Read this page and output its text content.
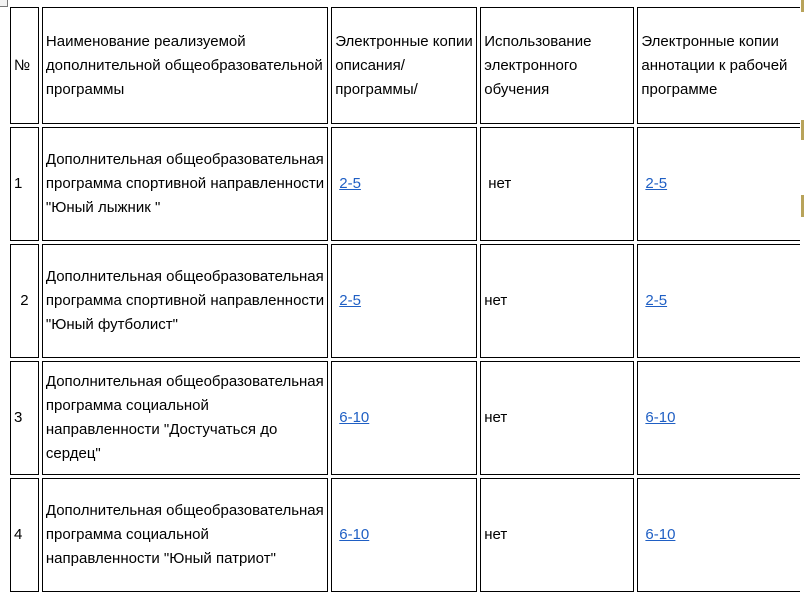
№	Наименование реализуемой дополнительной общеобразовательной программы	Электронные копии описания/ программы/	Использование электронного обучения	Электронные копии аннотации к рабочей программе

1	Дополнительная общеобразовательная программа спортивной направленности "Юный лыжник "	2-5	нет	2-5
2	Дополнительная общеобразовательная программа спортивной направленности "Юный футболист"	2-5	нет	2-5
3	Дополнительная общеобразовательная программа социальной направленности "Достучаться до сердец"	6-10	нет	6-10
4	Дополнительная общеобразовательная программа социальной направленности "Юный патриот"	6-10	нет	6-10
